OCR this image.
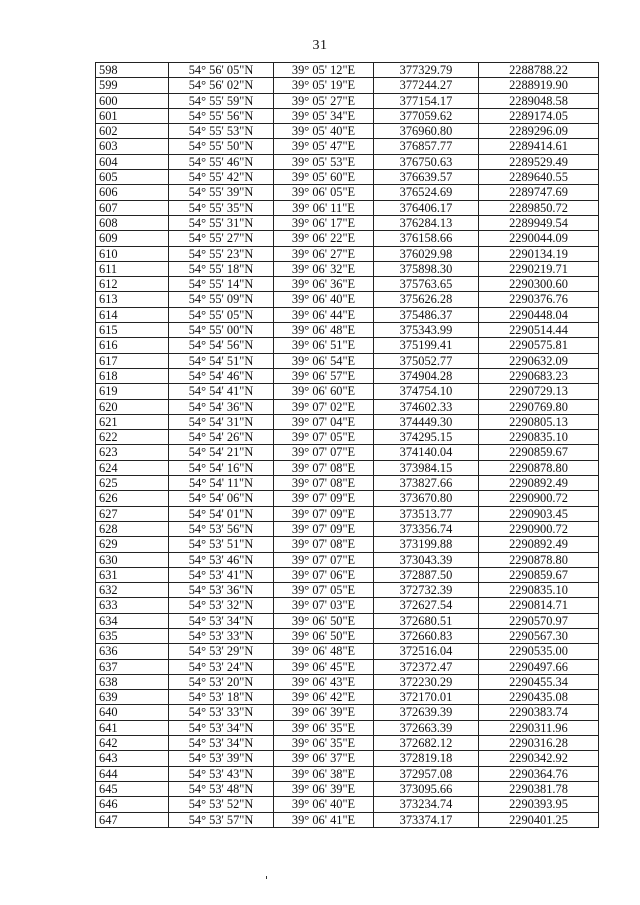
31
598	54° 56' 05"N	39° 05' 12"E	377329.79	2288788.22
599	54° 56' 02"N	39° 05' 19"E	377244.27	2288919.90
600	54° 55' 59"N	39° 05' 27"E	377154.17	2289048.58
601	54° 55' 56"N	39° 05' 34"E	377059.62	2289174.05
602	54° 55' 53"N	39° 05' 40"E	376960.80	2289296.09
603	54° 55' 50"N	39° 05' 47"E	376857.77	2289414.61
604	54° 55' 46"N	39° 05' 53"E	376750.63	2289529.49
605	54° 55' 42"N	39° 05' 60"E	376639.57	2289640.55
606	54° 55' 39"N	39° 06' 05"E	376524.69	2289747.69
607	54° 55' 35"N	39° 06' 11"E	376406.17	2289850.72
608	54° 55' 31"N	39° 06' 17"E	376284.13	2289949.54
609	54° 55' 27"N	39° 06' 22"E	376158.66	2290044.09
610	54° 55' 23"N	39° 06' 27"E	376029.98	2290134.19
611	54° 55' 18"N	39° 06' 32"E	375898.30	2290219.71
612	54° 55' 14"N	39° 06' 36"E	375763.65	2290300.60
613	54° 55' 09"N	39° 06' 40"E	375626.28	2290376.76
614	54° 55' 05"N	39° 06' 44"E	375486.37	2290448.04
615	54° 55' 00"N	39° 06' 48"E	375343.99	2290514.44
616	54° 54' 56"N	39° 06' 51"E	375199.41	2290575.81
617	54° 54' 51"N	39° 06' 54"E	375052.77	2290632.09
618	54° 54' 46"N	39° 06' 57"E	374904.28	2290683.23
619	54° 54' 41"N	39° 06' 60"E	374754.10	2290729.13
620	54° 54' 36"N	39° 07' 02"E	374602.33	2290769.80
621	54° 54' 31"N	39° 07' 04"E	374449.30	2290805.13
622	54° 54' 26"N	39° 07' 05"E	374295.15	2290835.10
623	54° 54' 21"N	39° 07' 07"E	374140.04	2290859.67
624	54° 54' 16"N	39° 07' 08"E	373984.15	2290878.80
625	54° 54' 11"N	39° 07' 08"E	373827.66	2290892.49
626	54° 54' 06"N	39° 07' 09"E	373670.80	2290900.72
627	54° 54' 01"N	39° 07' 09"E	373513.77	2290903.45
628	54° 53' 56"N	39° 07' 09"E	373356.74	2290900.72
629	54° 53' 51"N	39° 07' 08"E	373199.88	2290892.49
630	54° 53' 46"N	39° 07' 07"E	373043.39	2290878.80
631	54° 53' 41"N	39° 07' 06"E	372887.50	2290859.67
632	54° 53' 36"N	39° 07' 05"E	372732.39	2290835.10
633	54° 53' 32"N	39° 07' 03"E	372627.54	2290814.71
634	54° 53' 34"N	39° 06' 50"E	372680.51	2290570.97
635	54° 53' 33"N	39° 06' 50"E	372660.83	2290567.30
636	54° 53' 29"N	39° 06' 48"E	372516.04	2290535.00
637	54° 53' 24"N	39° 06' 45"E	372372.47	2290497.66
638	54° 53' 20"N	39° 06' 43"E	372230.29	2290455.34
639	54° 53' 18"N	39° 06' 42"E	372170.01	2290435.08
640	54° 53' 33"N	39° 06' 39"E	372639.39	2290383.74
641	54° 53' 34"N	39° 06' 35"E	372663.39	2290311.96
642	54° 53' 34"N	39° 06' 35"E	372682.12	2290316.28
643	54° 53' 39"N	39° 06' 37"E	372819.18	2290342.92
644	54° 53' 43"N	39° 06' 38"E	372957.08	2290364.76
645	54° 53' 48"N	39° 06' 39"E	373095.66	2290381.78
646	54° 53' 52"N	39° 06' 40"E	373234.74	2290393.95
647	54° 53' 57"N	39° 06' 41"E	373374.17	2290401.25
